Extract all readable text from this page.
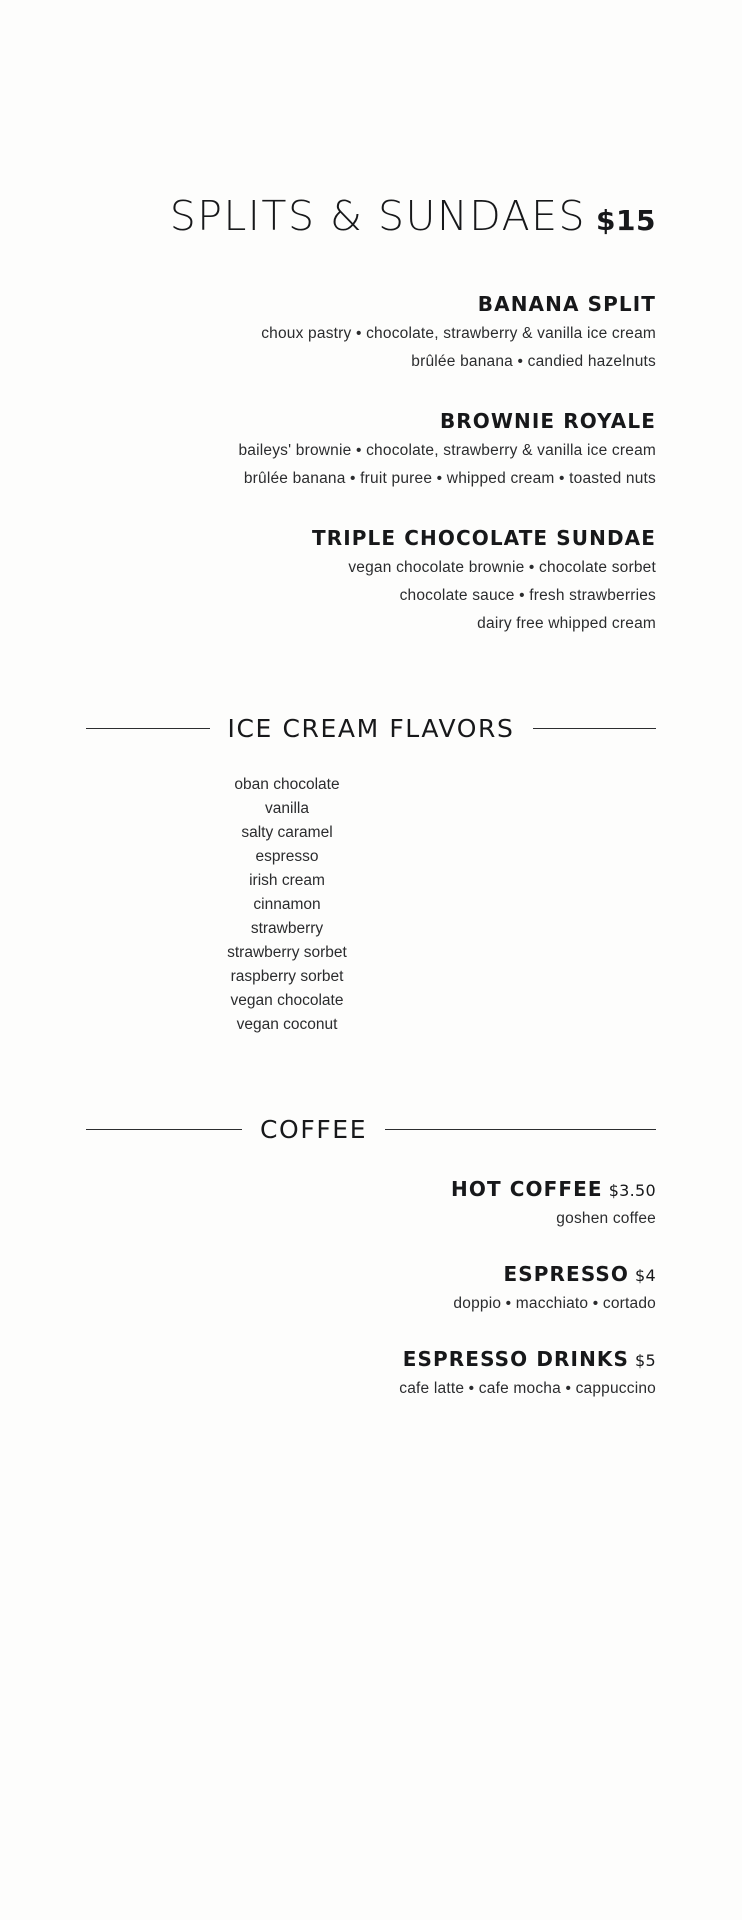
SPLITS & SUNDAES $15
BANANA SPLIT
choux pastry • chocolate, strawberry & vanilla ice cream
brûlée banana • candied hazelnuts
BROWNIE ROYALE
baileys' brownie • chocolate, strawberry & vanilla ice cream
brûlée banana • fruit puree • whipped cream • toasted nuts
TRIPLE CHOCOLATE SUNDAE
vegan chocolate brownie • chocolate sorbet
chocolate sauce • fresh strawberries
dairy free whipped cream
ICE CREAM FLAVORS
oban chocolate
vanilla
salty caramel
espresso
irish cream
cinnamon
strawberry
strawberry sorbet
raspberry sorbet
vegan chocolate
vegan coconut
COFFEE
HOT COFFEE $3.50
goshen coffee
ESPRESSO $4
doppio • macchiato • cortado
ESPRESSO DRINKS $5
cafe latte • cafe mocha • cappuccino
